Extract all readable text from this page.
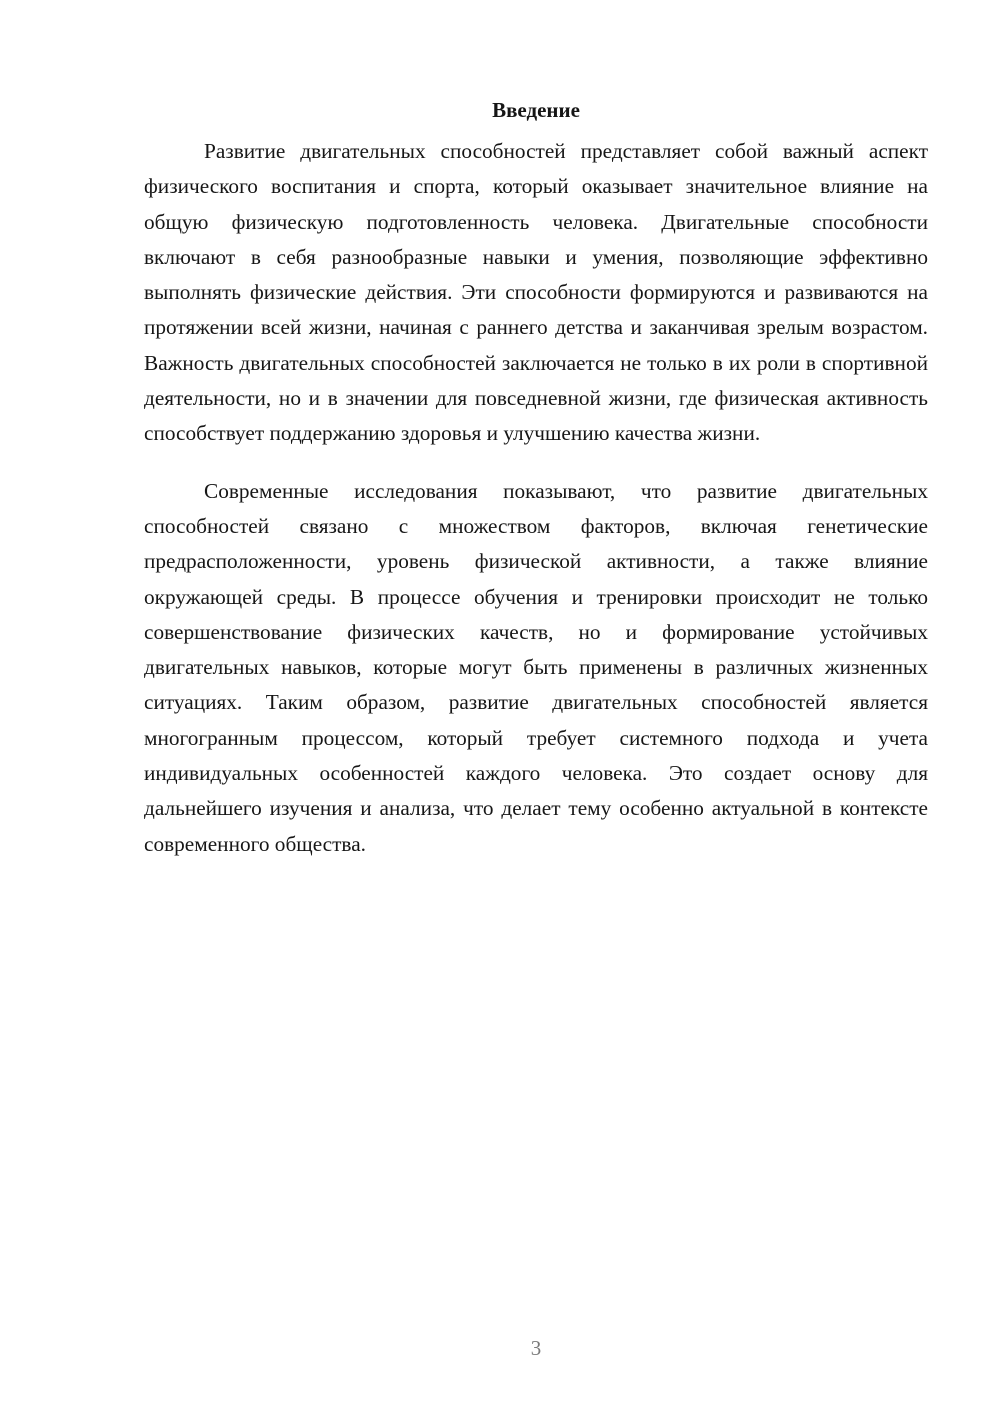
Введение

Развитие двигательных способностей представляет собой важный аспект физического воспитания и спорта, который оказывает значительное влияние на общую физическую подготовленность человека. Двигательные способности включают в себя разнообразные навыки и умения, позволяющие эффективно выполнять физические действия. Эти способности формируются и развиваются на протяжении всей жизни, начиная с раннего детства и заканчивая зрелым возрастом. Важность двигательных способностей заключается не только в их роли в спортивной деятельности, но и в значении для повседневной жизни, где физическая активность способствует поддержанию здоровья и улучшению качества жизни.

Современные исследования показывают, что развитие двигательных способностей связано с множеством факторов, включая генетические предрасположенности, уровень физической активности, а также влияние окружающей среды. В процессе обучения и тренировки происходит не только совершенствование физических качеств, но и формирование устойчивых двигательных навыков, которые могут быть применены в различных жизненных ситуациях. Таким образом, развитие двигательных способностей является многогранным процессом, который требует системного подхода и учета индивидуальных особенностей каждого человека. Это создает основу для дальнейшего изучения и анализа, что делает тему особенно актуальной в контексте современного общества.

3
